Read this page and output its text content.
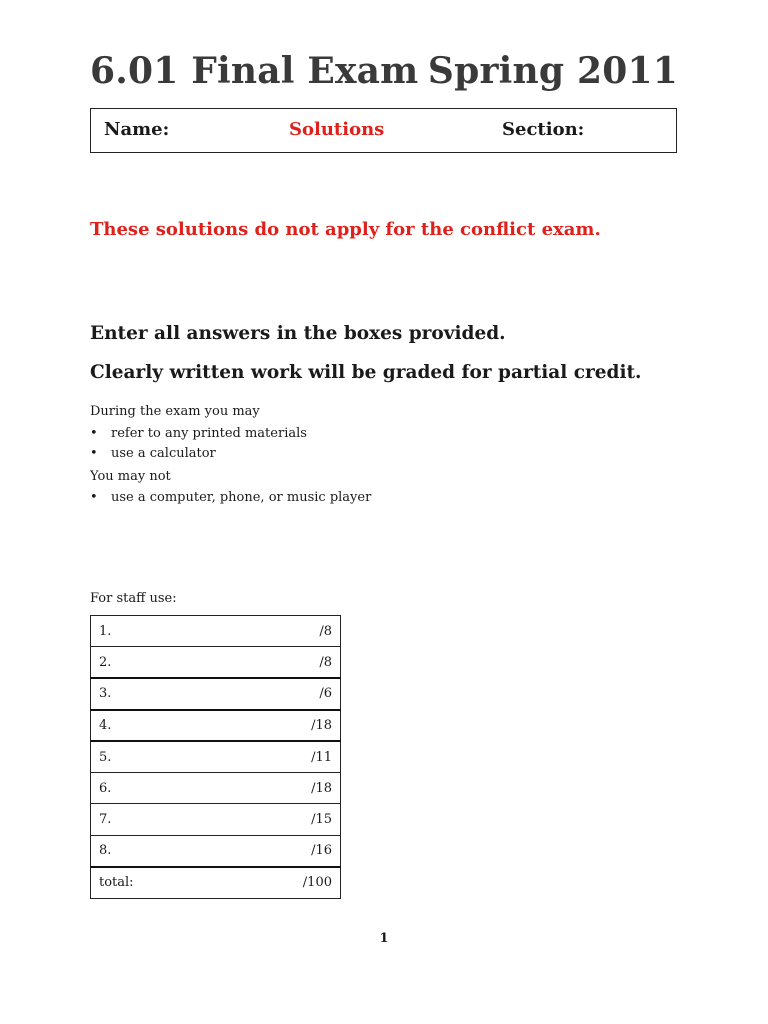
6.01 Final Exam Spring 2011
Name:	Solutions	Section:
These solutions do not apply for the conflict exam.
Enter all answers in the boxes provided.
Clearly written work will be graded for partial credit.
During the exam you may
• refer to any printed materials
• use a calculator
You may not
• use a computer, phone, or music player
For staff use:
1.	/8
2.	/8
3.	/6
4.	/18
5.	/11
6.	/18
7.	/15
8.	/16
total:	/100
1
